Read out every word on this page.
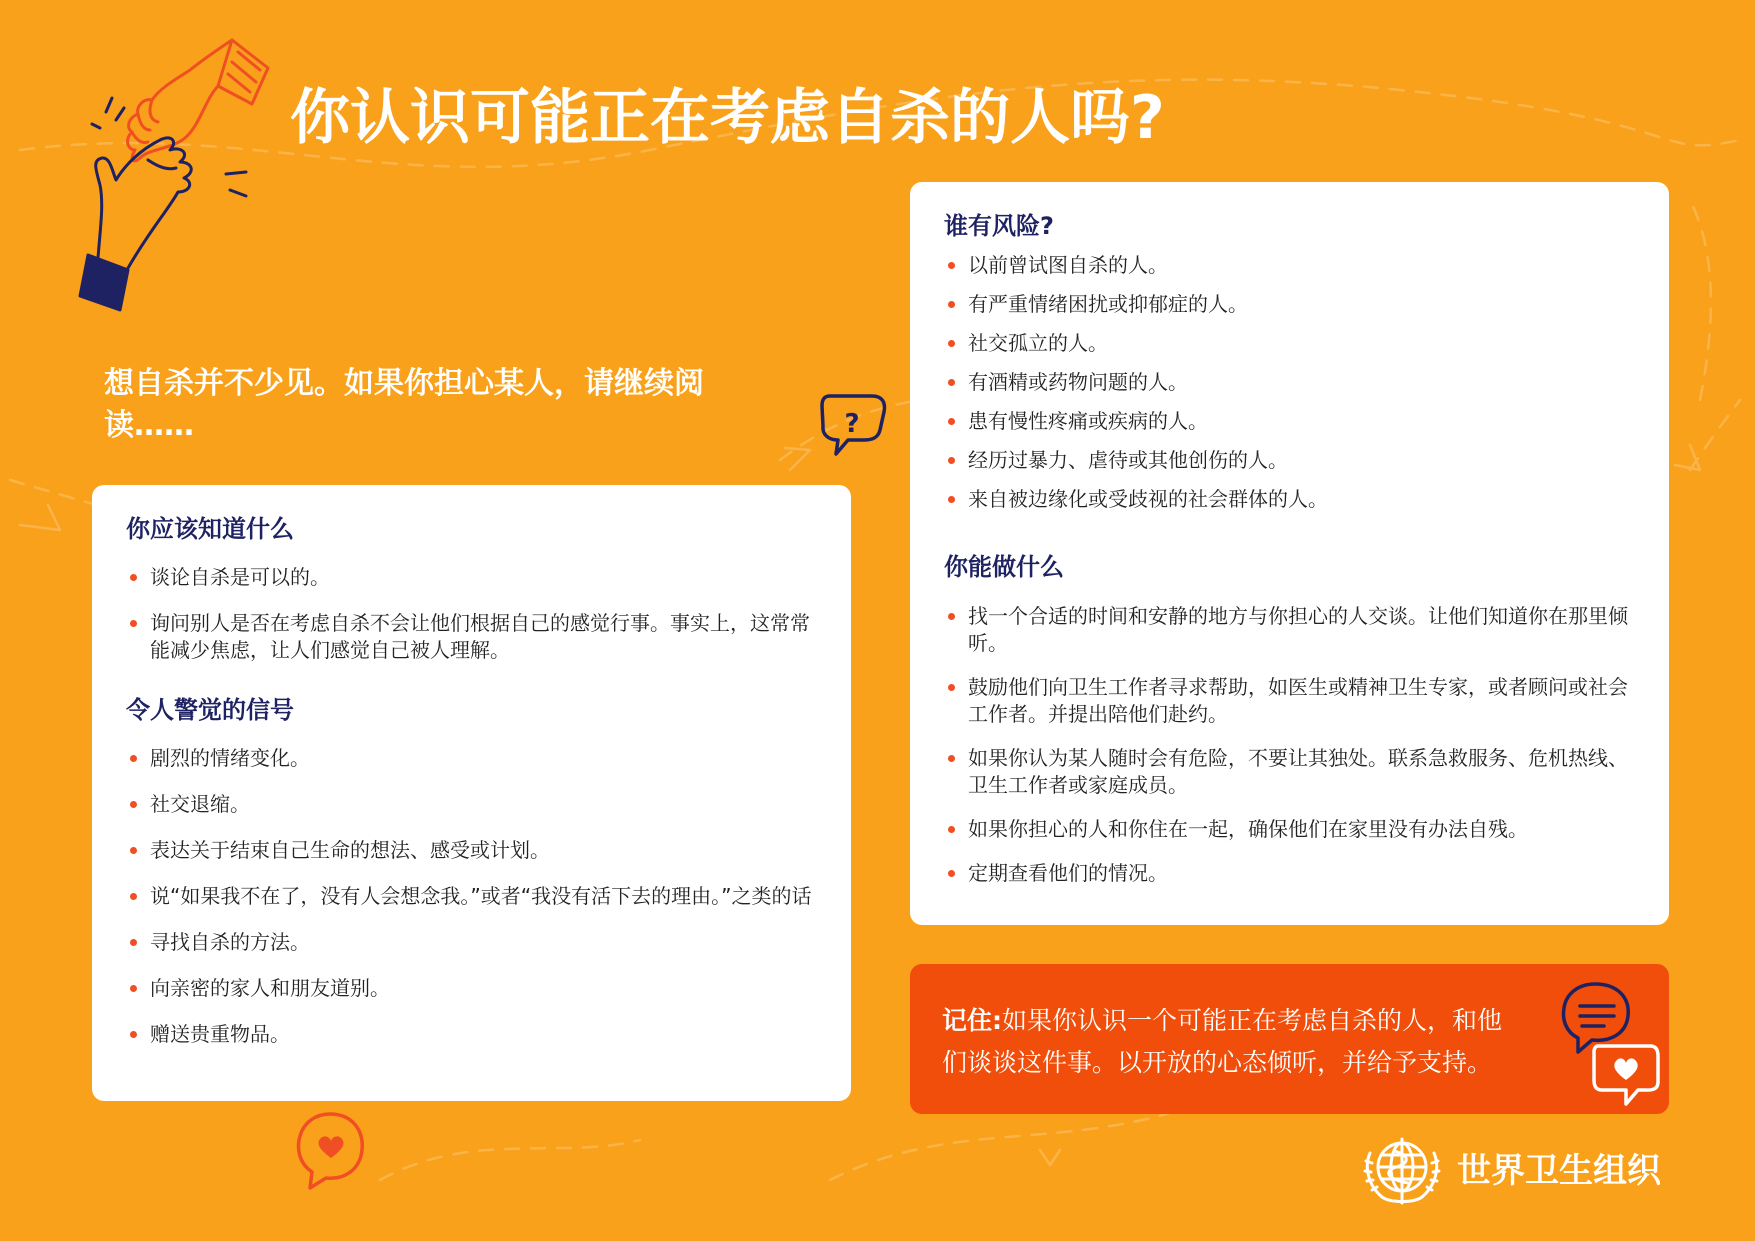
?
你认识可能正在考虑自杀的人吗?

想自杀并不少见。如果你担心某人，请继续阅读……

你应该知道什么
谈论自杀是可以的。
询问别人是否在考虑自杀不会让他们根据自己的感觉行事。事实上，这常常能减少焦虑，让人们感觉自己被人理解。
令人警觉的信号
剧烈的情绪变化。
社交退缩。
表达关于结束自己生命的想法、感受或计划。
说“如果我不在了，没有人会想念我。”或者“我没有活下去的理由。”之类的话
寻找自杀的方法。
向亲密的家人和朋友道别。
赠送贵重物品。
谁有风险?
以前曾试图自杀的人。
有严重情绪困扰或抑郁症的人。
社交孤立的人。
有酒精或药物问题的人。
患有慢性疼痛或疾病的人。
经历过暴力、虐待或其他创伤的人。
来自被边缘化或受歧视的社会群体的人。
你能做什么
找一个合适的时间和安静的地方与你担心的人交谈。让他们知道你在那里倾听。
鼓励他们向卫生工作者寻求帮助，如医生或精神卫生专家，或者顾问或社会工作者。并提出陪他们赴约。
如果你认为某人随时会有危险，不要让其独处。联系急救服务、危机热线、卫生工作者或家庭成员。
如果你担心的人和你住在一起，确保他们在家里没有办法自残。
定期查看他们的情况。

记住:如果你认识一个可能正在考虑自杀的人，和他们谈谈这件事。以开放的心态倾听，并给予支持。

世界卫生组织
